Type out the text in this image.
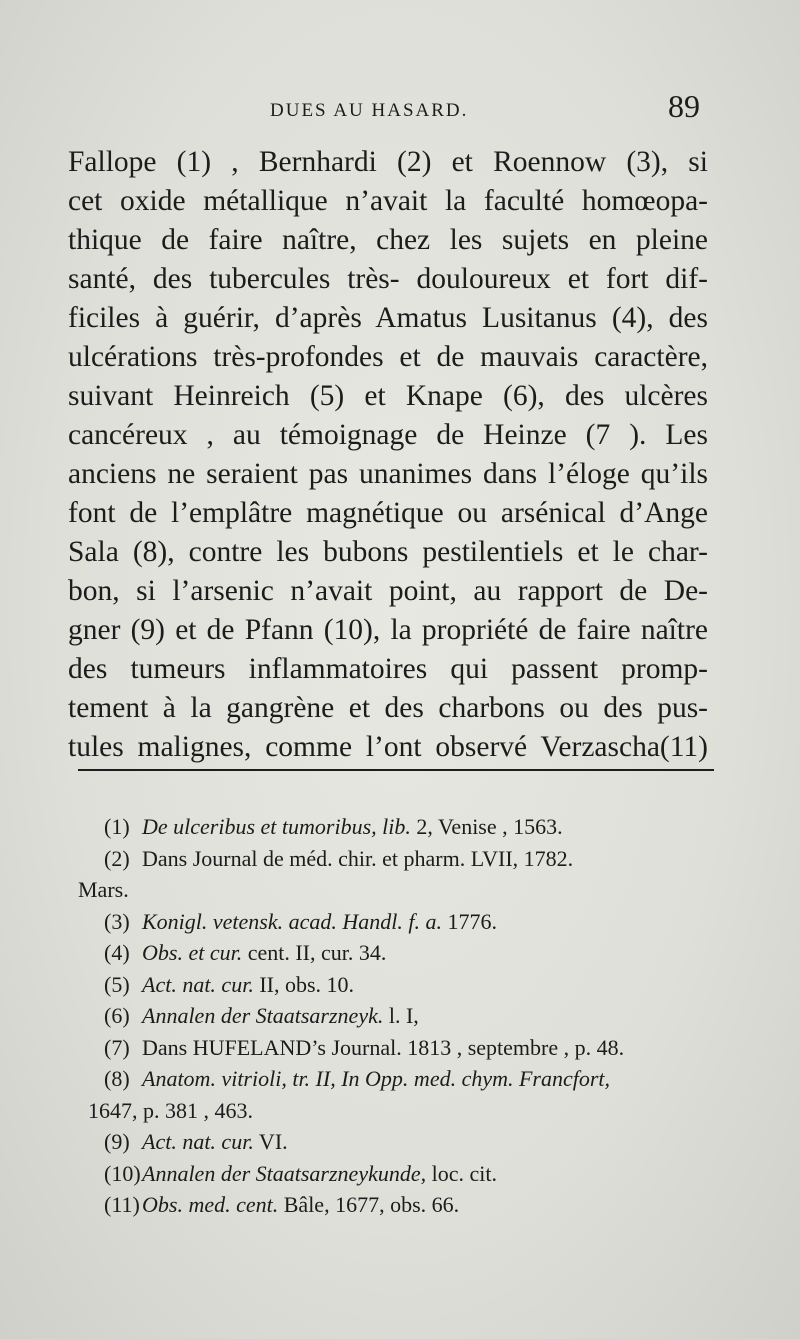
DUES AU HASARD.	89
Fallope (1) , Bernhardi (2) et Roennow (3), si
cet oxide métallique n’avait la faculté homœopa-
thique de faire naître, chez les sujets en pleine
santé, des tubercules très- douloureux et fort dif-
ficiles à guérir, d’après Amatus Lusitanus (4), des
ulcérations très-profondes et de mauvais caractère,
suivant Heinreich (5) et Knape (6), des ulcères
cancéreux , au témoignage de Heinze (7 ). Les
anciens ne seraient pas unanimes dans l’éloge qu’ils
font de l’emplâtre magnétique ou arsénical d’Ange
Sala (8), contre les bubons pestilentiels et le char-
bon, si l’arsenic n’avait point, au rapport de De-
gner (9) et de Pfann (10), la propriété de faire naître
des tumeurs inflammatoires qui passent promp-
tement à la gangrène et des charbons ou des pus-
tules malignes, comme l’ont observé Verzascha(11)
(1) De ulceribus et tumoribus, lib. 2, Venise , 1563.
(2) Dans Journal de méd. chir. et pharm. LVII, 1782.
Mars.
(3) Konigl. vetensk. acad. Handl. f. a. 1776.
(4) Obs. et cur. cent. II, cur. 34.
(5) Act. nat. cur. II, obs. 10.
(6) Annalen der Staatsarzneyk. l. I,
(7) Dans HUFELAND’s Journal. 1813 , septembre , p. 48.
(8) Anatom. vitrioli, tr. II, In Opp. med. chym. Francfort,
1647, p. 381 , 463.
(9) Act. nat. cur. VI.
(10)Annalen der Staatsarzneykunde, loc. cit.
(11)Obs. med. cent. Bâle, 1677, obs. 66.
